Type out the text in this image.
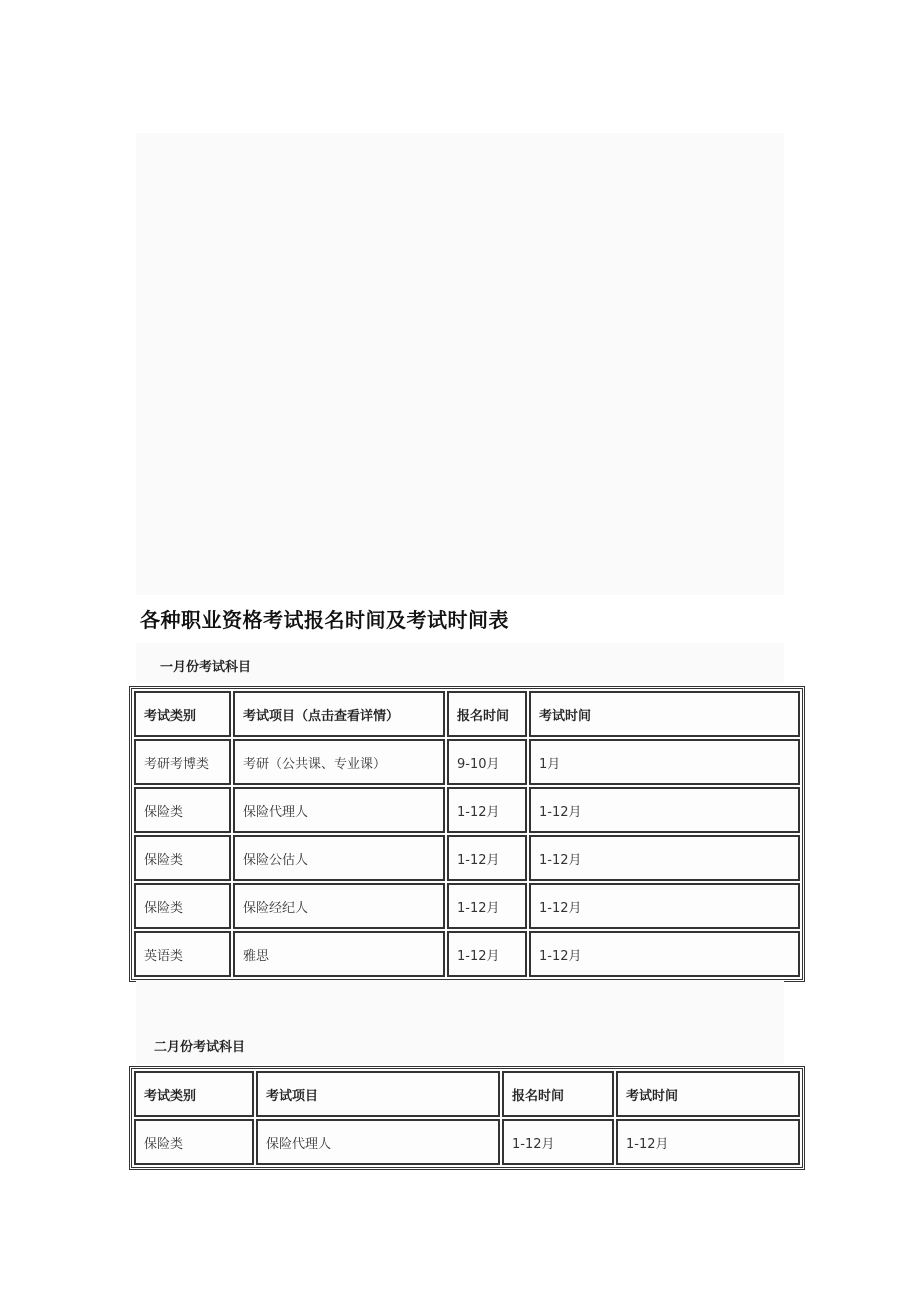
各种职业资格考试报名时间及考试时间表
一月份考试科目
考试类别	考试项目（点击查看详情）	报名时间	考试时间
考研考博类	考研（公共课、专业课）	9-10月	1月
保险类	保险代理人	1-12月	1-12月
保险类	保险公估人	1-12月	1-12月
保险类	保险经纪人	1-12月	1-12月
英语类	雅思	1-12月	1-12月
二月份考试科目
考试类别	考试项目	报名时间	考试时间
保险类	保险代理人	1-12月	1-12月
